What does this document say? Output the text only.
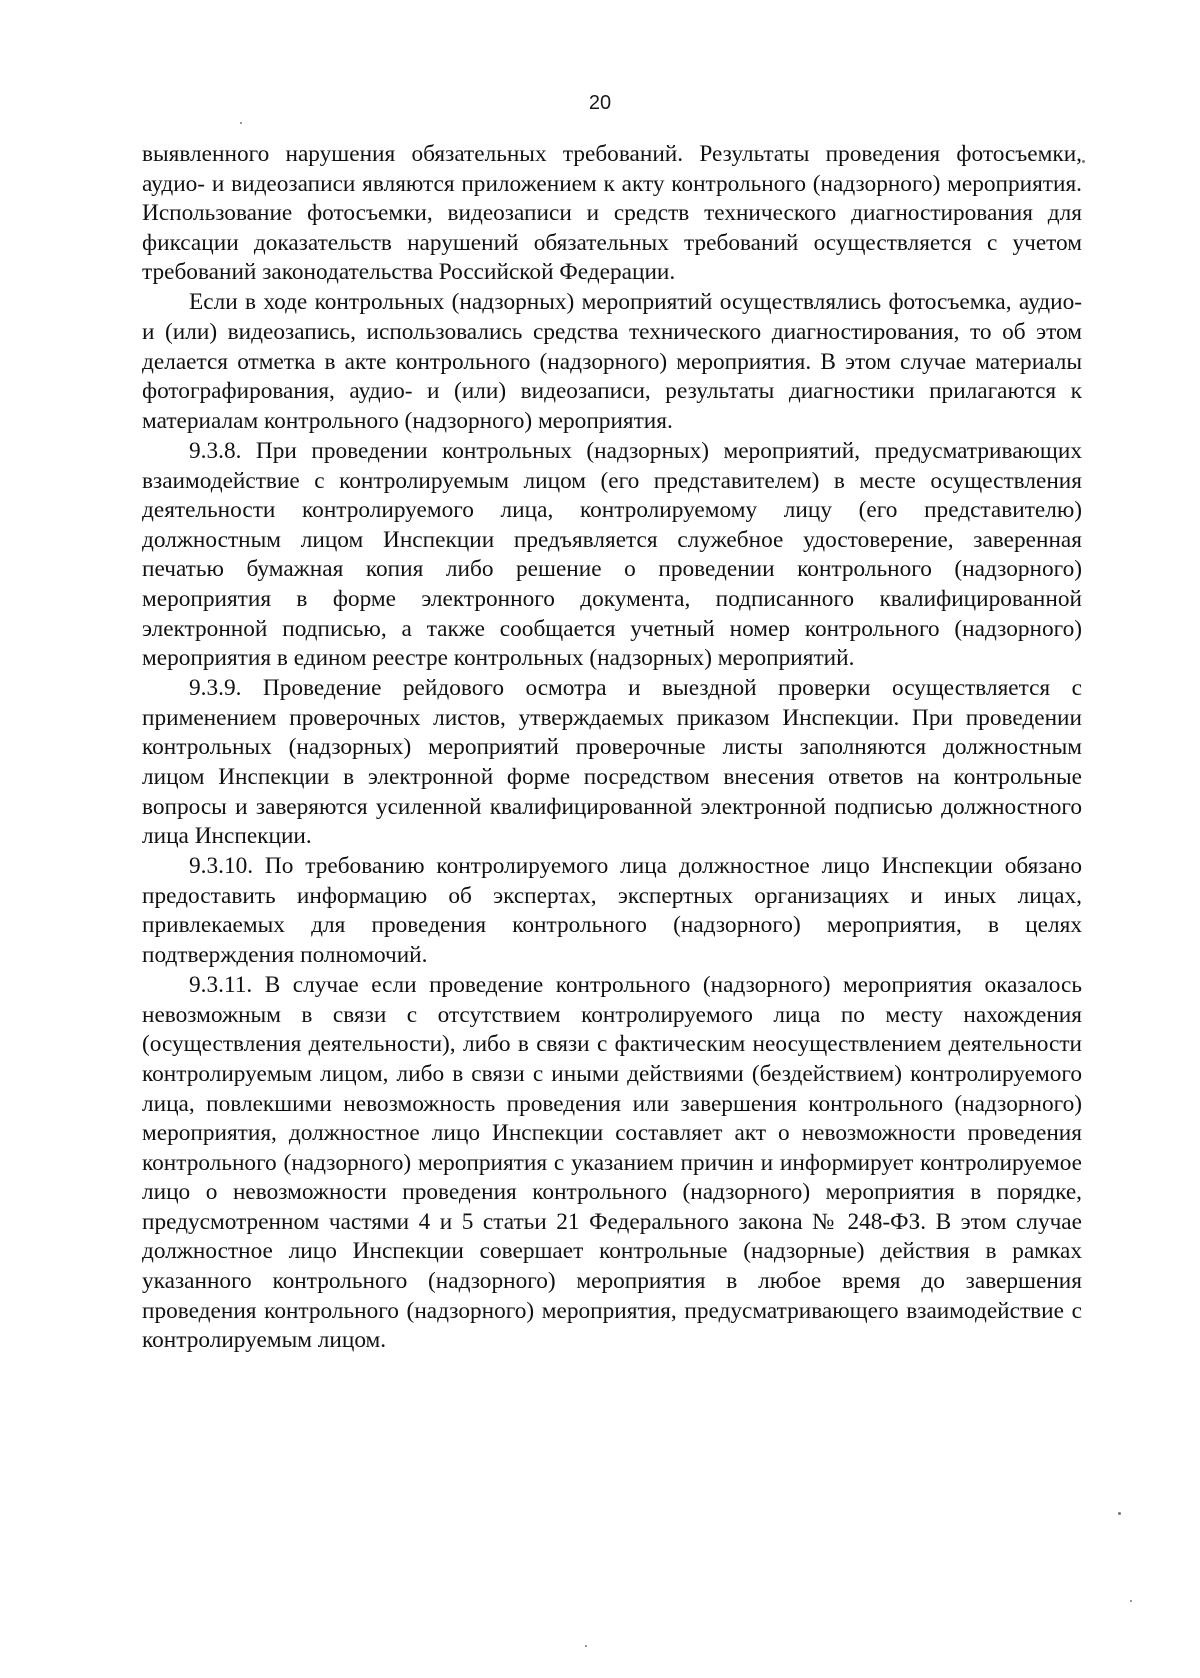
20

выявленного нарушения обязательных требований. Результаты проведения фотосъемки, аудио- и видеозаписи являются приложением к акту контрольного (надзорного) мероприятия. Использование фотосъемки, видеозаписи и средств технического диагностирования для фиксации доказательств нарушений обязательных требований осуществляется с учетом требований законодательства Российской Федерации.

Если в ходе контрольных (надзорных) мероприятий осуществлялись фотосъемка, аудио- и (или) видеозапись, использовались средства технического диагностирования, то об этом делается отметка в акте контрольного (надзорного) мероприятия. В этом случае материалы фотографирования, аудио- и (или) видеозаписи, результаты диагностики прилагаются к материалам контрольного (надзорного) мероприятия.

9.3.8. При проведении контрольных (надзорных) мероприятий, предусматривающих взаимодействие с контролируемым лицом (его представителем) в месте осуществления деятельности контролируемого лица, контролируемому лицу (его представителю) должностным лицом Инспекции предъявляется служебное удостоверение, заверенная печатью бумажная копия либо решение о проведении контрольного (надзорного) мероприятия в форме электронного документа, подписанного квалифицированной электронной подписью, а также сообщается учетный номер контрольного (надзорного) мероприятия в едином реестре контрольных (надзорных) мероприятий.

9.3.9. Проведение рейдового осмотра и выездной проверки осуществляется с применением проверочных листов, утверждаемых приказом Инспекции. При проведении контрольных (надзорных) мероприятий проверочные листы заполняются должностным лицом Инспекции в электронной форме посредством внесения ответов на контрольные вопросы и заверяются усиленной квалифицированной электронной подписью должностного лица Инспекции.

9.3.10. По требованию контролируемого лица должностное лицо Инспекции обязано предоставить информацию об экспертах, экспертных организациях и иных лицах, привлекаемых для проведения контрольного (надзорного) мероприятия, в целях подтверждения полномочий.

9.3.11. В случае если проведение контрольного (надзорного) мероприятия оказалось невозможным в связи с отсутствием контролируемого лица по месту нахождения (осуществления деятельности), либо в связи с фактическим неосуществлением деятельности контролируемым лицом, либо в связи с иными действиями (бездействием) контролируемого лица, повлекшими невозможность проведения или завершения контрольного (надзорного) мероприятия, должностное лицо Инспекции составляет акт о невозможности проведения контрольного (надзорного) мероприятия с указанием причин и информирует контролируемое лицо о невозможности проведения контрольного (надзорного) мероприятия в порядке, предусмотренном частями 4 и 5 статьи 21 Федерального закона № 248-ФЗ. В этом случае должностное лицо Инспекции совершает контрольные (надзорные) действия в рамках указанного контрольного (надзорного) мероприятия в любое время до завершения проведения контрольного (надзорного) мероприятия, предусматривающего взаимодействие с контролируемым лицом.
